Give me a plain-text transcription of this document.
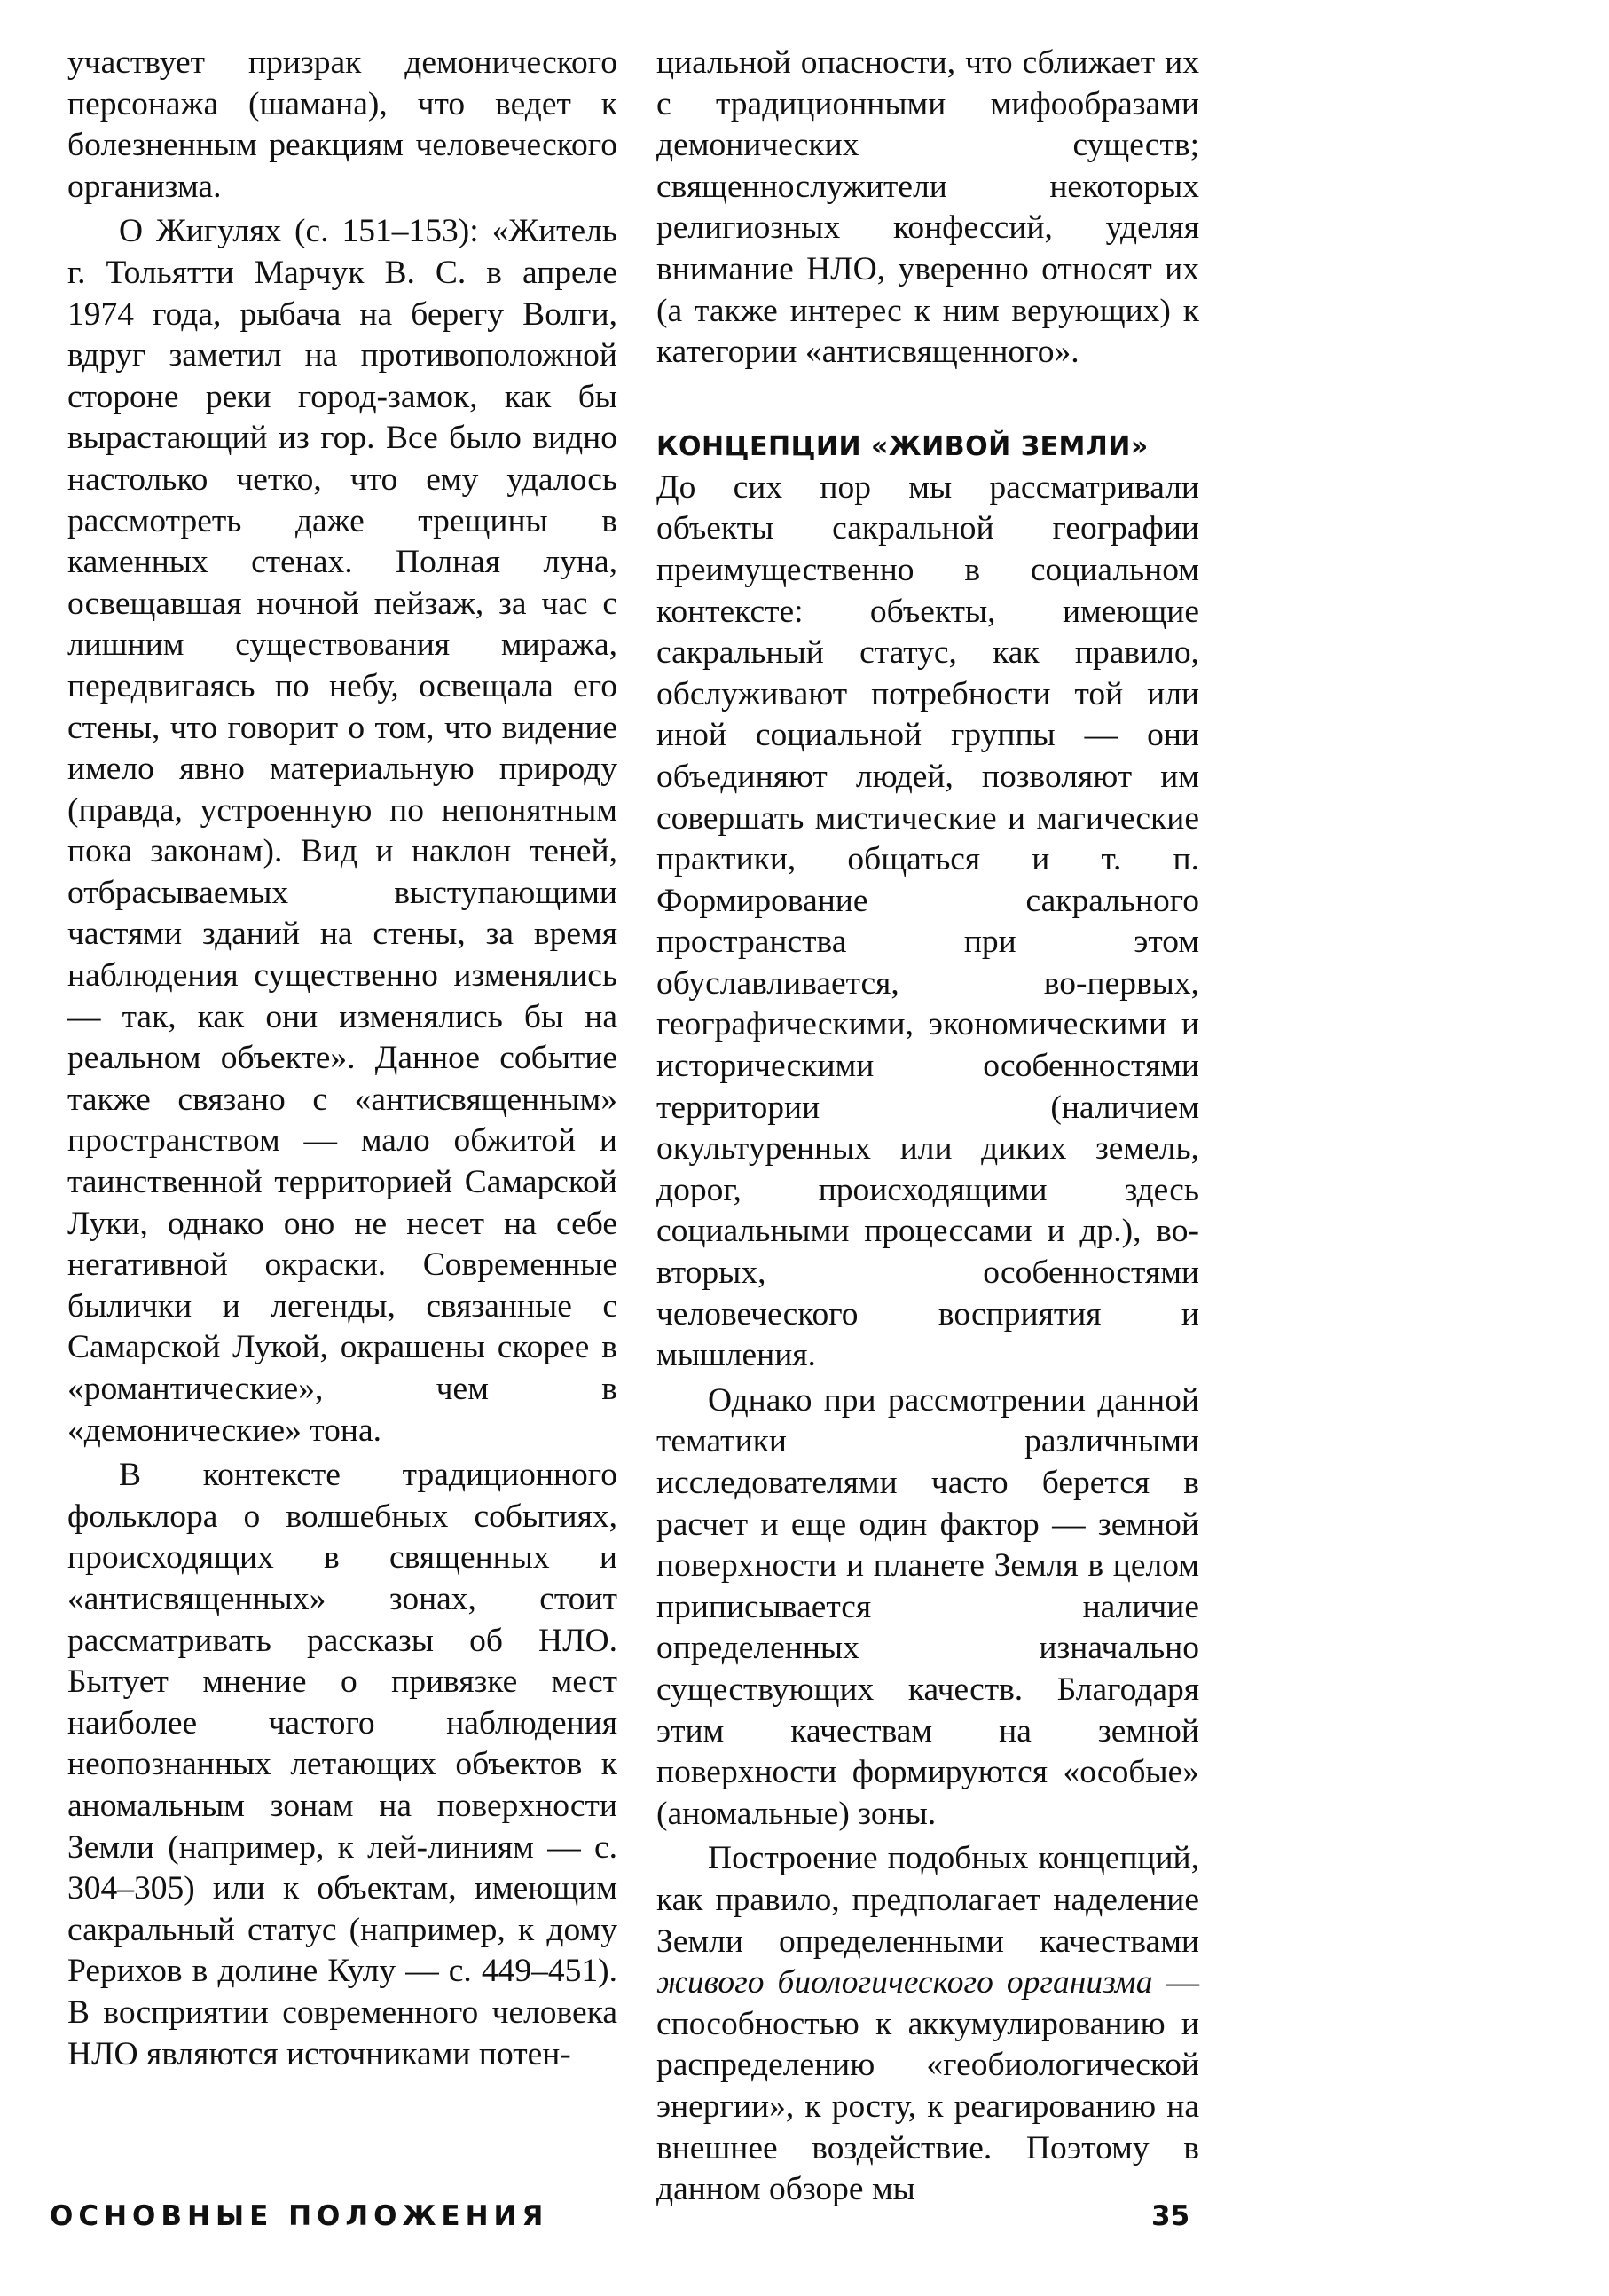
участвует призрак демонического персонажа (шамана), что ведет к болезненным реакциям человеческого организма.

О Жигулях (с. 151–153): «Житель г. Тольятти Марчук В. С. в апреле 1974 года, рыбача на берегу Волги, вдруг заметил на противоположной стороне реки город-замок, как бы вырастающий из гор. Все было видно настолько четко, что ему удалось рассмотреть даже трещины в каменных стенах. Полная луна, освещавшая ночной пейзаж, за час с лишним существования миража, передвигаясь по небу, освещала его стены, что говорит о том, что видение имело явно материальную природу (правда, устроенную по непонятным пока законам). Вид и наклон теней, отбрасываемых выступающими частями зданий на стены, за время наблюдения существенно изменялись — так, как они изменялись бы на реальном объекте». Данное событие также связано с «антисвященным» пространством — мало обжитой и таинственной территорией Самарской Луки, однако оно не несет на себе негативной окраски. Современные былички и легенды, связанные с Самарской Лукой, окрашены скорее в «романтические», чем в «демонические» тона.

В контексте традиционного фольклора о волшебных событиях, происходящих в священных и «антисвященных» зонах, стоит рассматривать рассказы об НЛО. Бытует мнение о привязке мест наиболее частого наблюдения неопознанных летающих объектов к аномальным зонам на поверхности Земли (например, к лей-линиям — с. 304–305) или к объектам, имеющим сакральный статус (например, к дому Рерихов в долине Кулу — с. 449–451). В восприятии современного человека НЛО являются источниками потен-

циальной опасности, что сближает их с традиционными мифообразами демонических существ; священнослужители некоторых религиозных конфессий, уделяя внимание НЛО, уверенно относят их (а также интерес к ним верующих) к категории «антисвященного».

КОНЦЕПЦИИ «ЖИВОЙ ЗЕМЛИ»

До сих пор мы рассматривали объекты сакральной географии преимущественно в социальном контексте: объекты, имеющие сакральный статус, как правило, обслуживают потребности той или иной социальной группы — они объединяют людей, позволяют им совершать мистические и магические практики, общаться и т. п. Формирование сакрального пространства при этом обуславливается, во-первых, географическими, экономическими и историческими особенностями территории (наличием окультуренных или диких земель, дорог, происходящими здесь социальными процессами и др.), во-вторых, особенностями человеческого восприятия и мышления.

Однако при рассмотрении данной тематики различными исследователями часто берется в расчет и еще один фактор — земной поверхности и планете Земля в целом приписывается наличие определенных изначально существующих качеств. Благодаря этим качествам на земной поверхности формируются «особые» (аномальные) зоны.

Построение подобных концепций, как правило, предполагает наделение Земли определенными качествами живого биологического организма — способностью к аккумулированию и распределению «геобиологической энергии», к росту, к реагированию на внешнее воздействие. Поэтому в данном обзоре мы

ОСНОВНЫЕ ПОЛОЖЕНИЯ	35
